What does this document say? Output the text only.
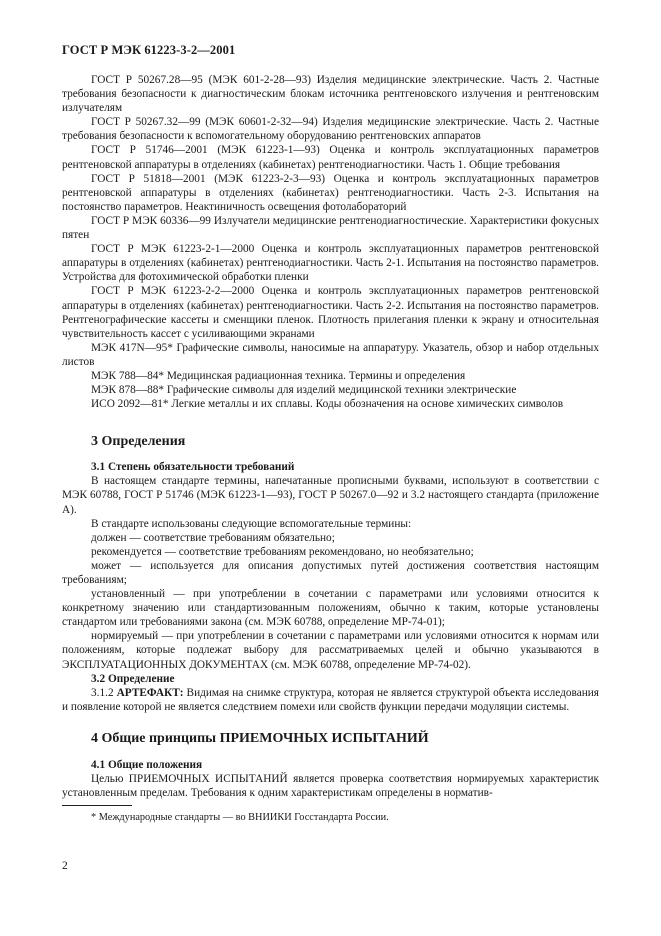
ГОСТ Р МЭК 61223-3-2—2001

ГОСТ Р 50267.28—95 (МЭК 601-2-28—93) Изделия медицинские электрические. Часть 2. Частные требования безопасности к диагностическим блокам источника рентгеновского излучения и рентгеновским излучателям

ГОСТ Р 50267.32—99 (МЭК 60601-2-32—94) Изделия медицинские электрические. Часть 2. Частные требования безопасности к вспомогательному оборудованию рентгеновских аппаратов

ГОСТ Р 51746—2001 (МЭК 61223-1—93) Оценка и контроль эксплуатационных параметров рентгеновской аппаратуры в отделениях (кабинетах) рентгенодиагностики. Часть 1. Общие требования

ГОСТ Р 51818—2001 (МЭК 61223-2-3—93) Оценка и контроль эксплуатационных параметров рентгеновской аппаратуры в отделениях (кабинетах) рентгенодиагностики. Часть 2-3. Испытания на постоянство параметров. Неактиничность освещения фотолабораторий

ГОСТ Р МЭК 60336—99 Излучатели медицинские рентгенодиагностические. Характеристики фокусных пятен

ГОСТ Р МЭК 61223-2-1—2000 Оценка и контроль эксплуатационных параметров рентгеновской аппаратуры в отделениях (кабинетах) рентгенодиагностики. Часть 2-1. Испытания на постоянство параметров. Устройства для фотохимической обработки пленки

ГОСТ Р МЭК 61223-2-2—2000 Оценка и контроль эксплуатационных параметров рентгеновской аппаратуры в отделениях (кабинетах) рентгенодиагностики. Часть 2-2. Испытания на постоянство параметров. Рентгенографические кассеты и сменщики пленок. Плотность прилегания пленки к экрану и относительная чувствительность кассет с усиливающими экранами

МЭК 417N—95* Графические символы, наносимые на аппаратуру. Указатель, обзор и набор отдельных листов

МЭК 788—84* Медицинская радиационная техника. Термины и определения

МЭК 878—88* Графические символы для изделий медицинской техники электрические

ИСО 2092—81* Легкие металлы и их сплавы. Коды обозначения на основе химических символов

3 Определения
3.1 Степень обязательности требований

В настоящем стандарте термины, напечатанные прописными буквами, используют в соответствии с МЭК 60788, ГОСТ Р 51746 (МЭК 61223-1—93), ГОСТ Р 50267.0—92 и 3.2 настоящего стандарта (приложение А).

В стандарте использованы следующие вспомогательные термины:

должен — соответствие требованиям обязательно;

рекомендуется — соответствие требованиям рекомендовано, но необязательно;

может — используется для описания допустимых путей достижения соответствия настоящим требованиям;

установленный — при употреблении в сочетании с параметрами или условиями относится к конкретному значению или стандартизованным положениям, обычно к таким, которые установлены стандартом или требованиями закона (см. МЭК 60788, определение МР-74-01);

нормируемый — при употреблении в сочетании с параметрами или условиями относится к нормам или положениям, которые подлежат выбору для рассматриваемых целей и обычно указываются в ЭКСПЛУАТАЦИОННЫХ ДОКУМЕНТАХ (см. МЭК 60788, определение МР-74-02).

3.2 Определение

3.1.2 АРТЕФАКТ: Видимая на снимке структура, которая не является структурой объекта исследования и появление которой не является следствием помехи или свойств функции передачи модуляции системы.

4 Общие принципы ПРИЕМОЧНЫХ ИСПЫТАНИЙ
4.1 Общие положения

Целью ПРИЕМОЧНЫХ ИСПЫТАНИЙ является проверка соответствия нормируемых характеристик установленным пределам. Требования к одним характеристикам определены в норматив-

* Международные стандарты — во ВНИИКИ Госстандарта России.
2
